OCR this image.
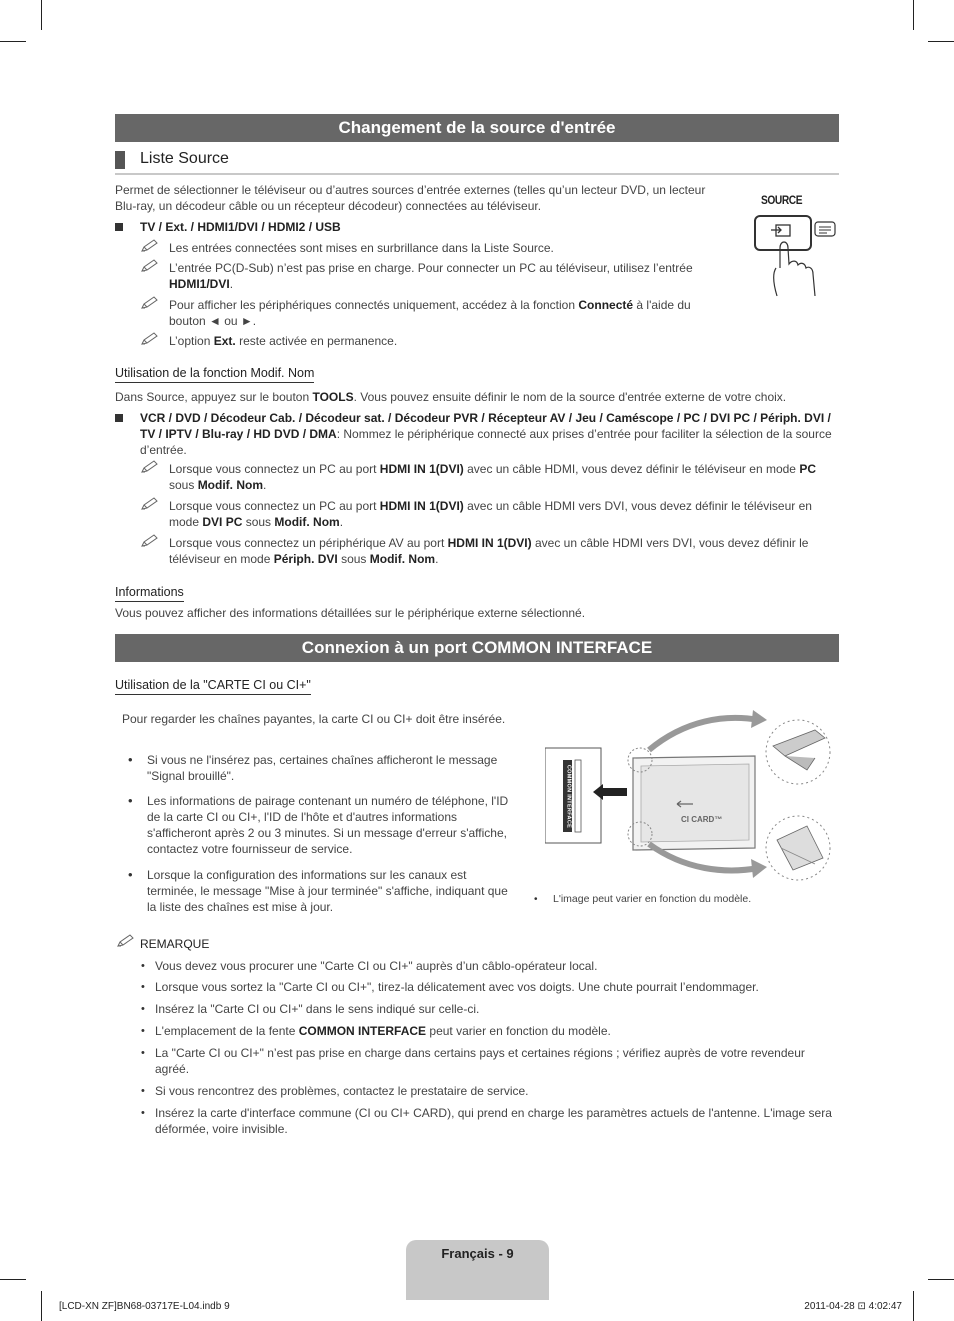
Changement de la source d'entrée
Liste Source
Permet de sélectionner le téléviseur ou d’autres sources d’entrée externes (telles qu’un lecteur DVD, un lecteur Blu-ray, un décodeur câble ou un récepteur décodeur) connectées au téléviseur.
TV / Ext. / HDMI1/DVI / HDMI2 / USB
Les entrées connectées sont mises en surbrillance dans la Liste Source.
L’entrée PC(D-Sub) n’est pas prise en charge. Pour connecter un PC au téléviseur, utilisez l’entrée HDMI1/DVI.
Pour afficher les périphériques connectés uniquement, accédez à la fonction Connecté à l'aide du bouton ◄ ou ►.
L’option Ext. reste activée en permanence.
SOURCE
Utilisation de la fonction Modif. Nom
Dans Source, appuyez sur le bouton TOOLS. Vous pouvez ensuite définir le nom de la source d'entrée externe de votre choix.
VCR / DVD / Décodeur Cab. / Décodeur sat. / Décodeur PVR / Récepteur AV / Jeu / Caméscope / PC / DVI PC / Périph. DVI / TV / IPTV / Blu-ray / HD DVD / DMA: Nommez le périphérique connecté aux prises d’entrée pour faciliter la sélection de la source d’entrée.
Lorsque vous connectez un PC au port HDMI IN 1(DVI) avec un câble HDMI, vous devez définir le téléviseur en mode PC sous Modif. Nom.
Lorsque vous connectez un PC au port HDMI IN 1(DVI) avec un câble HDMI vers DVI, vous devez définir le téléviseur en mode DVI PC sous Modif. Nom.
Lorsque vous connectez un périphérique AV au port HDMI IN 1(DVI) avec un câble HDMI vers DVI, vous devez définir le téléviseur en mode Périph. DVI sous Modif. Nom.
Informations
Vous pouvez afficher des informations détaillées sur le périphérique externe sélectionné.
Connexion à un port COMMON INTERFACE
Utilisation de la "CARTE CI ou CI+"
Pour regarder les chaînes payantes, la carte CI ou CI+ doit être insérée.
• Si vous ne l'insérez pas, certaines chaînes afficheront le message "Signal brouillé".
• Les informations de pairage contenant un numéro de téléphone, l'ID de la carte CI ou CI+, l'ID de l'hôte et d'autres informations s'afficheront après 2 ou 3 minutes. Si un message d'erreur s'affiche, contactez votre fournisseur de service.
• Lorsque la configuration des informations sur les canaux est terminée, le message "Mise à jour terminée" s'affiche, indiquant que la liste des chaînes est mise à jour.
COMMON INTERFACE	CI CARD™
• L'image peut varier en fonction du modèle.
REMARQUE
• Vous devez vous procurer une "Carte CI ou CI+" auprès d’un câblo-opérateur local.
• Lorsque vous sortez la "Carte CI ou CI+", tirez-la délicatement avec vos doigts. Une chute pourrait l’endommager.
• Insérez la "Carte CI ou CI+" dans le sens indiqué sur celle-ci.
• L'emplacement de la fente COMMON INTERFACE peut varier en fonction du modèle.
• La "Carte CI ou CI+" n’est pas prise en charge dans certains pays et certaines régions ; vérifiez auprès de votre revendeur agréé.
• Si vous rencontrez des problèmes, contactez le prestataire de service.
• Insérez la carte d'interface commune (CI ou CI+ CARD), qui prend en charge les paramètres actuels de l'antenne. L'image sera déformée, voire invisible.
Français - 9
[LCD-XN ZF]BN68-03717E-L04.indb 9	2011-04-28 ⊡ 4:02:47
